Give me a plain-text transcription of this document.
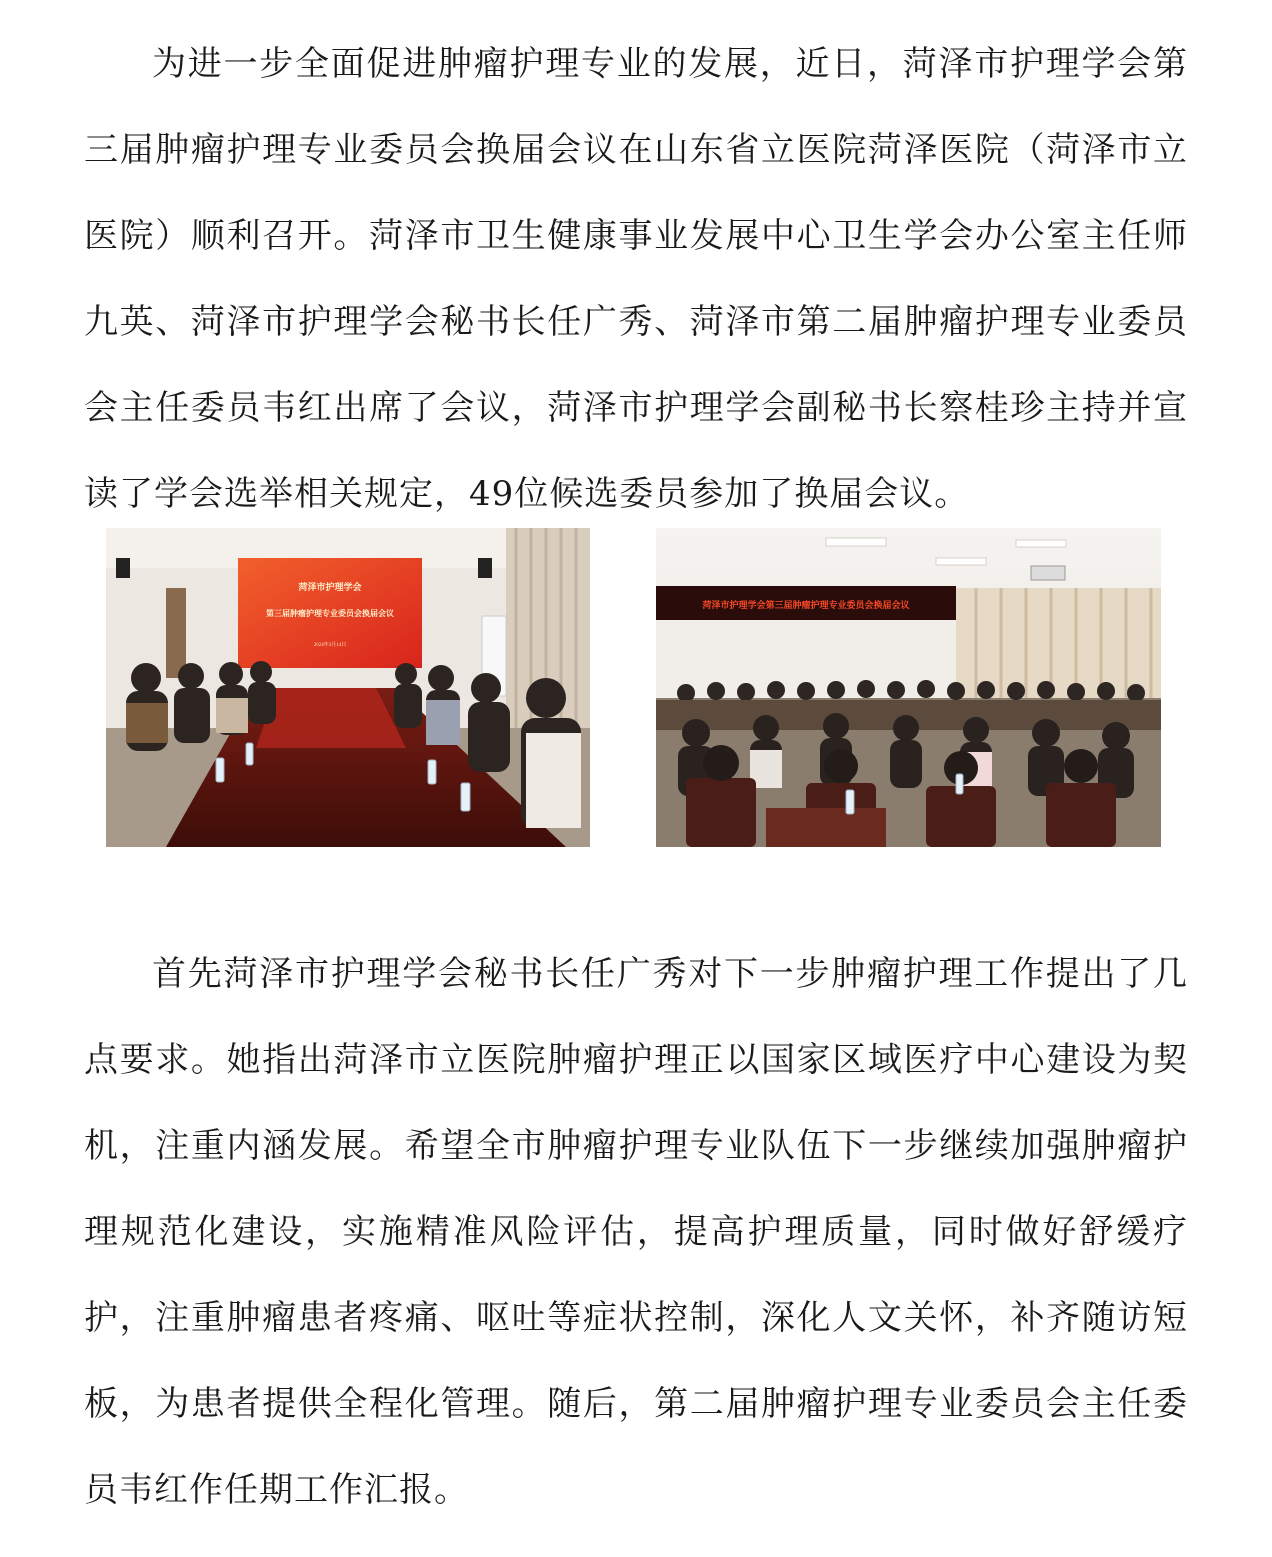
为进一步全面促进肿瘤护理专业的发展，近日，菏泽市护理学会第三届肿瘤护理专业委员会换届会议在山东省立医院菏泽医院（菏泽市立医院）顺利召开。菏泽市卫生健康事业发展中心卫生学会办公室主任师九英、菏泽市护理学会秘书长任广秀、菏泽市第二届肿瘤护理专业委员会主任委员韦红出席了会议，菏泽市护理学会副秘书长察桂珍主持并宣读了学会选举相关规定，49位候选委员参加了换届会议。

菏泽市护理学会
第三届肿瘤护理专业委员会换届会议
2024年3月14日
菏泽市护理学会第三届肿瘤护理专业委员会换届会议

首先菏泽市护理学会秘书长任广秀对下一步肿瘤护理工作提出了几点要求。她指出菏泽市立医院肿瘤护理正以国家区域医疗中心建设为契机，注重内涵发展。希望全市肿瘤护理专业队伍下一步继续加强肿瘤护理规范化建设，实施精准风险评估，提高护理质量，同时做好舒缓疗护，注重肿瘤患者疼痛、呕吐等症状控制，深化人文关怀，补齐随访短板，为患者提供全程化管理。随后，第二届肿瘤护理专业委员会主任委员韦红作任期工作汇报。
